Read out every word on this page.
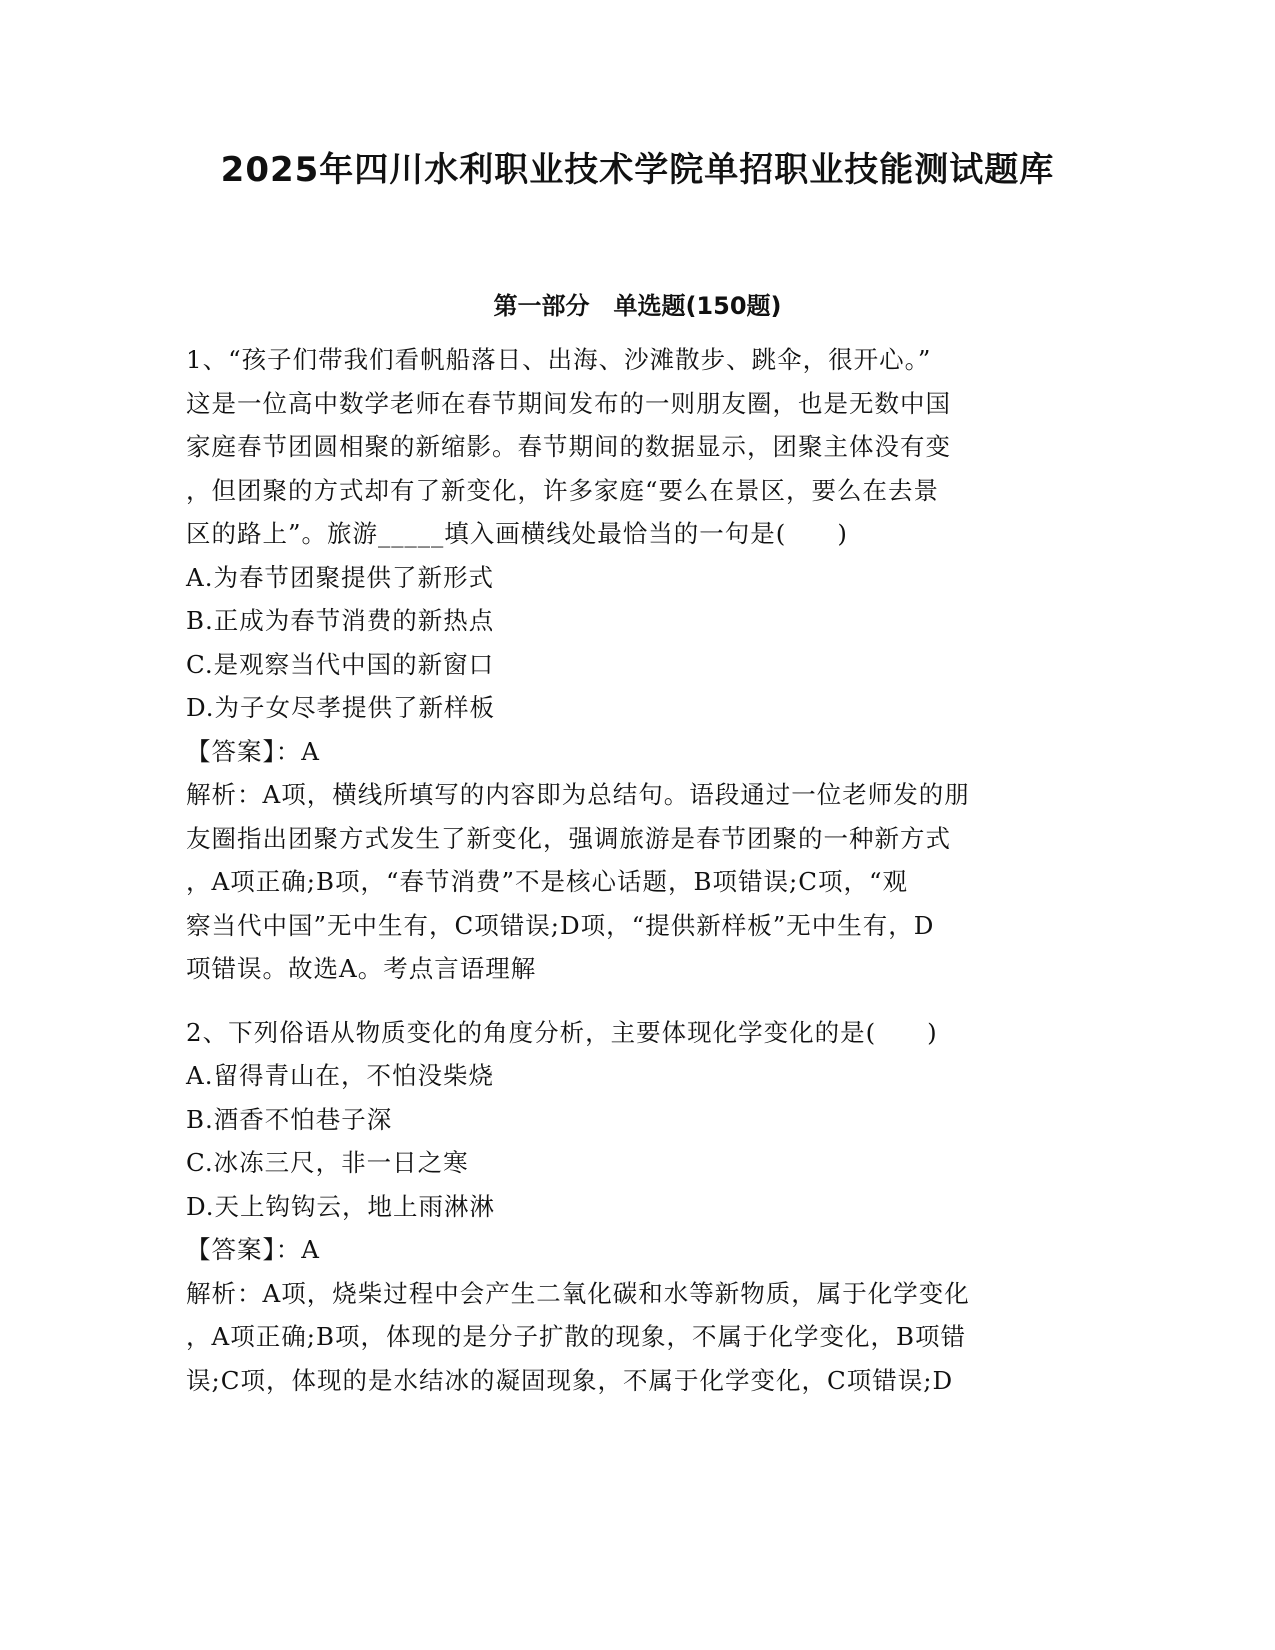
2025年四川水利职业技术学院单招职业技能测试题库
第一部分　单选题(150题)
1、“孩子们带我们看帆船落日、出海、沙滩散步、跳伞，很开心。”
这是一位高中数学老师在春节期间发布的一则朋友圈，也是无数中国
家庭春节团圆相聚的新缩影。春节期间的数据显示，团聚主体没有变
，但团聚的方式却有了新变化，许多家庭“要么在景区，要么在去景
区的路上”。旅游_____填入画横线处最恰当的一句是(　　)
A.为春节团聚提供了新形式
B.正成为春节消费的新热点
C.是观察当代中国的新窗口
D.为子女尽孝提供了新样板
【答案】：A
解析：A项，横线所填写的内容即为总结句。语段通过一位老师发的朋
友圈指出团聚方式发生了新变化，强调旅游是春节团聚的一种新方式
，A项正确;B项，“春节消费”不是核心话题，B项错误;C项，“观
察当代中国”无中生有，C项错误;D项，“提供新样板”无中生有，D
项错误。故选A。考点言语理解
2、下列俗语从物质变化的角度分析，主要体现化学变化的是(　　)
A.留得青山在，不怕没柴烧
B.酒香不怕巷子深
C.冰冻三尺，非一日之寒
D.天上钩钩云，地上雨淋淋
【答案】：A
解析：A项，烧柴过程中会产生二氧化碳和水等新物质，属于化学变化
，A项正确;B项，体现的是分子扩散的现象，不属于化学变化，B项错
误;C项，体现的是水结冰的凝固现象，不属于化学变化，C项错误;D
